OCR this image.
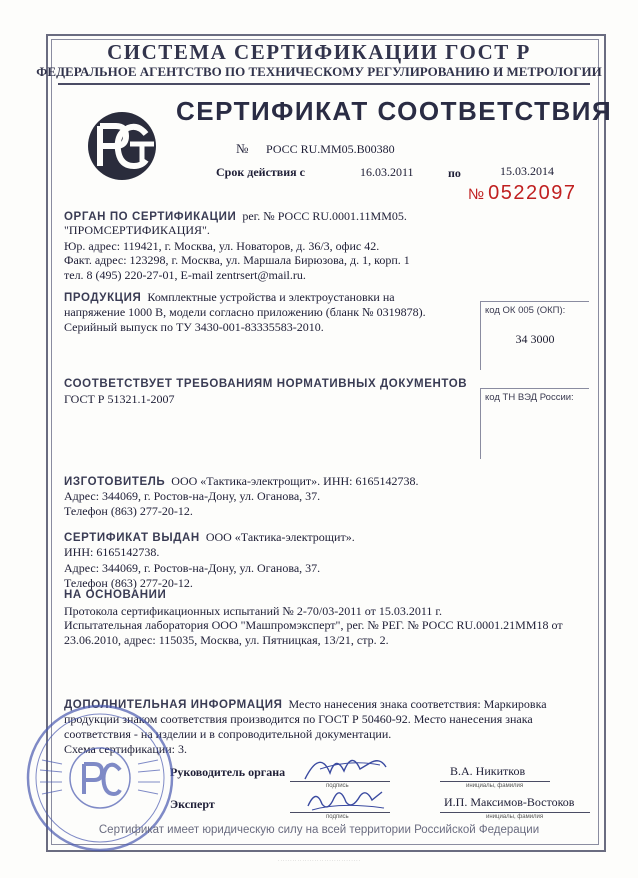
СИСТЕМА СЕРТИФИКАЦИИ ГОСТ Р
ФЕДЕРАЛЬНОЕ АГЕНТСТВО ПО ТЕХНИЧЕСКОМУ РЕГУЛИРОВАНИЮ И МЕТРОЛОГИИ
СЕРТИФИКАТ СООТВЕТСТВИЯ
№ РОСС RU.ММ05.В00380
Срок действия с	16.03.2011	по	15.03.2014
№ 0522097
ОРГАН ПО СЕРТИФИКАЦИИ рег. № РОСС RU.0001.11ММ05.
"ПРОМСЕРТИФИКАЦИЯ".
Юр. адрес: 119421, г. Москва, ул. Новаторов, д. 36/3, офис 42.
Факт. адрес: 123298, г. Москва, ул. Маршала Бирюзова, д. 1, корп. 1
тел. 8 (495) 220-27-01, E-mail zentrsert@mail.ru.
ПРОДУКЦИЯ Комплектные устройства и электроустановки на
напряжение 1000 В, модели согласно приложению (бланк № 0319878).
Серийный выпуск по ТУ 3430-001-83335583-2010.
код ОК 005 (ОКП):
34 3000
СООТВЕТСТВУЕТ ТРЕБОВАНИЯМ НОРМАТИВНЫХ ДОКУМЕНТОВ
ГОСТ Р 51321.1-2007	код ТН ВЭД России:
ИЗГОТОВИТЕЛЬ ООО «Тактика-электрощит». ИНН: 6165142738.
Адрес: 344069, г. Ростов-на-Дону, ул. Оганова, 37.
Телефон (863) 277-20-12.
СЕРТИФИКАТ ВЫДАН ООО «Тактика-электрощит».
ИНН: 6165142738.
Адрес: 344069, г. Ростов-на-Дону, ул. Оганова, 37.
Телефон (863) 277-20-12.
НА ОСНОВАНИИ
Протокола сертификационных испытаний № 2-70/03-2011 от 15.03.2011 г.
Испытательная лаборатория ООО "Машпромэксперт", рег. № РЕГ. № РОСС RU.0001.21ММ18 от
23.06.2010, адрес: 115035, Москва, ул. Пятницкая, 13/21, стр. 2.
ДОПОЛНИТЕЛЬНАЯ ИНФОРМАЦИЯ Место нанесения знака соответствия: Маркировка
продукции знаком соответствия производится по ГОСТ Р 50460-92. Место нанесения знака
соответствия - на изделии и в сопроводительной документации.
Схема сертификации: 3.
Руководитель органа
подпись
В.А. Никитков
инициалы, фамилия
Эксперт
подпись
И.П. Максимов-Востоков
инициалы, фамилия
Сертификат имеет юридическую силу на всей территории Российской Федерации
· · · · · · · · · · · · · · · · · · · · · · · · · · · · · · · · · ·
